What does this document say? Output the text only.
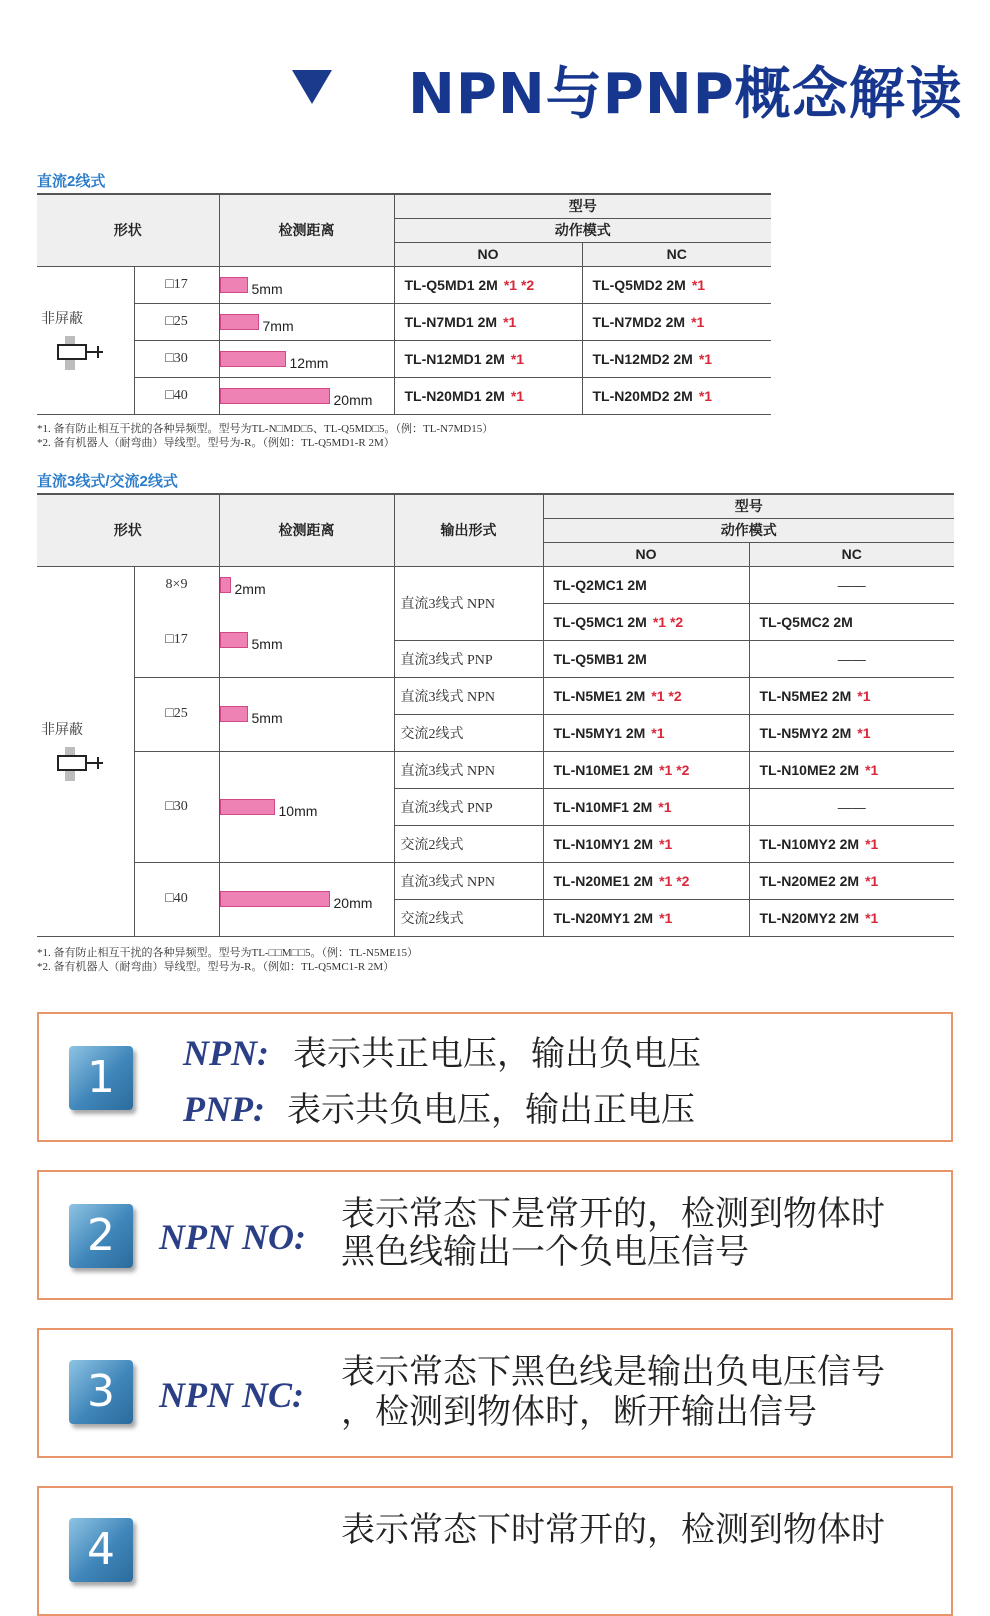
NPN与PNP概念解读
直流2线式
形状		检测距离	型号	
			动作模式	
			NO	NC

非屏蔽	□17	5mm	TL-Q5MD1 2M *1 *2	TL-Q5MD2 2M *1
	□25	7mm	TL-N7MD1 2M *1	TL-N7MD2 2M *1
	□30	12mm	TL-N12MD1 2M *1	TL-N12MD2 2M *1
	□40	20mm	TL-N20MD1 2M *1	TL-N20MD2 2M *1
*1. 备有防止相互干扰的各种异频型。型号为TL-N□MD□5、TL-Q5MD□5。（例：TL-N7MD15）
*2. 备有机器人（耐弯曲）导线型。型号为-R。（例如：TL-Q5MD1-R 2M）
直流3线式/交流2线式
形状		检测距离	输出形式	型号	
				动作模式	
				NO	NC

非屏蔽	8×9	2mm	直流3线式 NPN	TL-Q2MC1 2M	——
	□17	5mm		TL-Q5MC1 2M *1 *2	TL-Q5MC2 2M
			直流3线式 PNP	TL-Q5MB1 2M	——
	□25	5mm	直流3线式 NPN	TL-N5ME1 2M *1 *2	TL-N5ME2 2M *1
			交流2线式	TL-N5MY1 2M *1	TL-N5MY2 2M *1
	□30	10mm	直流3线式 NPN	TL-N10ME1 2M *1 *2	TL-N10ME2 2M *1
			直流3线式 PNP	TL-N10MF1 2M *1	——
			交流2线式	TL-N10MY1 2M *1	TL-N10MY2 2M *1
	□40	20mm	直流3线式 NPN	TL-N20ME1 2M *1 *2	TL-N20ME2 2M *1
			交流2线式	TL-N20MY1 2M *1	TL-N20MY2 2M *1
*1. 备有防止相互干扰的各种异频型。型号为TL-□□M□□5。（例：TL-N5ME15）
*2. 备有机器人（耐弯曲）导线型。型号为-R。（例如：TL-Q5MC1-R 2M）
1	NPN: 表示共正电压，输出负电压
PNP: 表示共负电压，输出正电压
2	NPN NO:
表示常态下是常开的，检测到物体时
黑色线输出一个负电压信号
3	NPN NC:
表示常态下黑色线是输出负电压信号
，检测到物体时，断开输出信号
4	表示常态下时常开的，检测到物体时
